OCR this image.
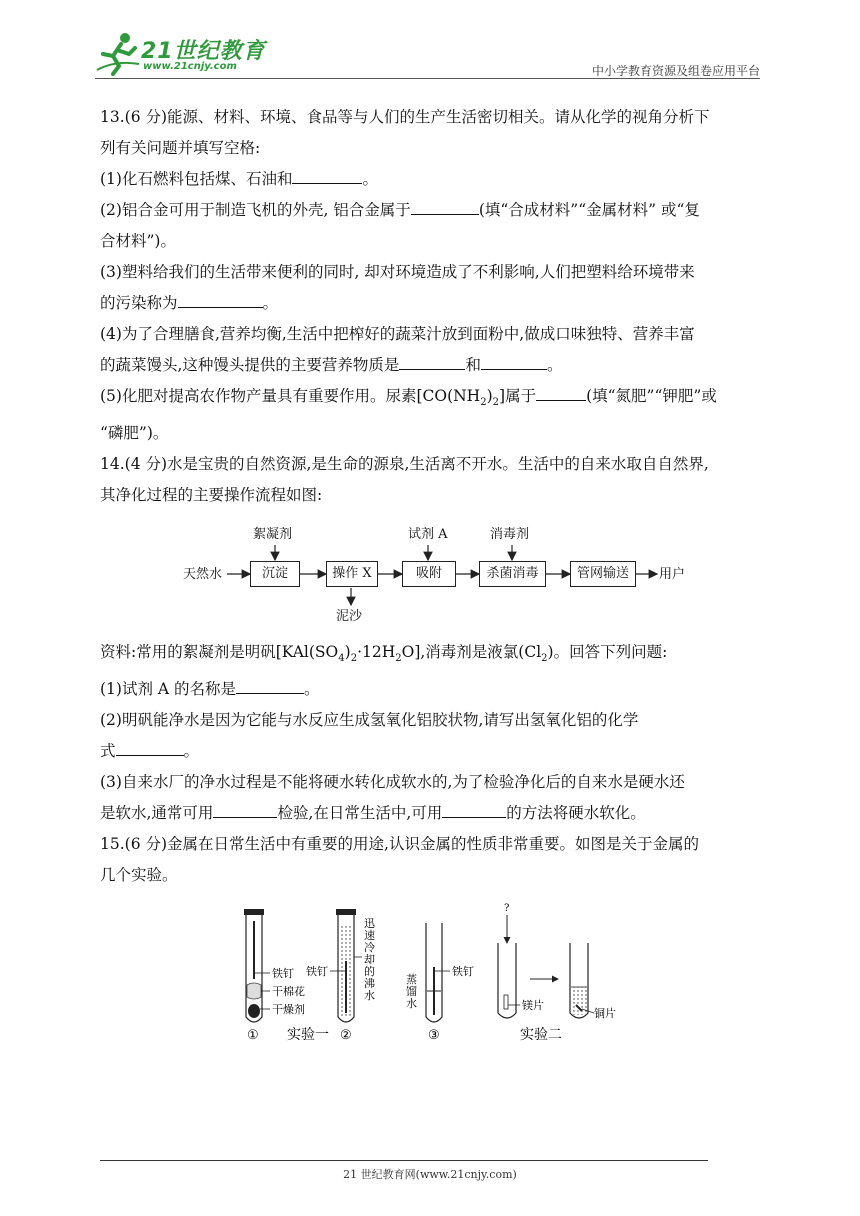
21世纪教育
www.21cnjy.com	中小学教育资源及组卷应用平台

13.(6 分)能源、材料、环境、食品等与人们的生产生活密切相关。请从化学的视角分析下

列有关问题并填写空格:

(1)化石燃料包括煤、石油和	。

(2)铝合金可用于制造飞机的外壳, 铝合金属于	(填“合成材料”“金属材料” 或“复

合材料”)。

(3)塑料给我们的生活带来便利的同时, 却对环境造成了不利影响,人们把塑料给环境带来

的污染称为	。

(4)为了合理膳食,营养均衡,生活中把榨好的蔬菜汁放到面粉中,做成口味独特、营养丰富

的蔬菜馒头,这种馒头提供的主要营养物质是	和	。

(5)化肥对提高农作物产量具有重要作用。尿素$[CO(NH_2)_2]$属于	(填“氮肥”“钾肥”或

“磷肥”)。

14.(4 分)水是宝贵的自然资源,是生命的源泉,生活离不开水。生活中的自来水取自自然界,

其净化过程的主要操作流程如图:

天然水	沉淀	操作 X	吸附	杀菌消毒	管网输送	用户
絮凝剂	试剂 A	消毒剂
泥沙

资料:常用的絮凝剂是明矾$[KAl(SO_4)_2\cdot 12H_2O]$,消毒剂是液氯$(Cl_2)$。回答下列问题:

(1)试剂 A 的名称是	。

(2)明矾能净水是因为它能与水反应生成氢氧化铝胶状物,请写出氢氧化铝的化学

式	。

(3)自来水厂的净水过程是不能将硬水转化成软水的,为了检验净化后的自来水是硬水还

是软水,通常可用	检验,在日常生活中,可用	的方法将硬水软化。

15.(6 分)金属在日常生活中有重要的用途,认识金属的性质非常重要。如图是关于金属的

几个实验。

铁钉
干棉花
干燥剂
①
铁钉
迅
速
冷
却
的
沸
水
②
实验一
蒸
馏
水
铁钉
③
?
镁片
铜片
实验二
21 世纪教育网(www.21cnjy.com)
